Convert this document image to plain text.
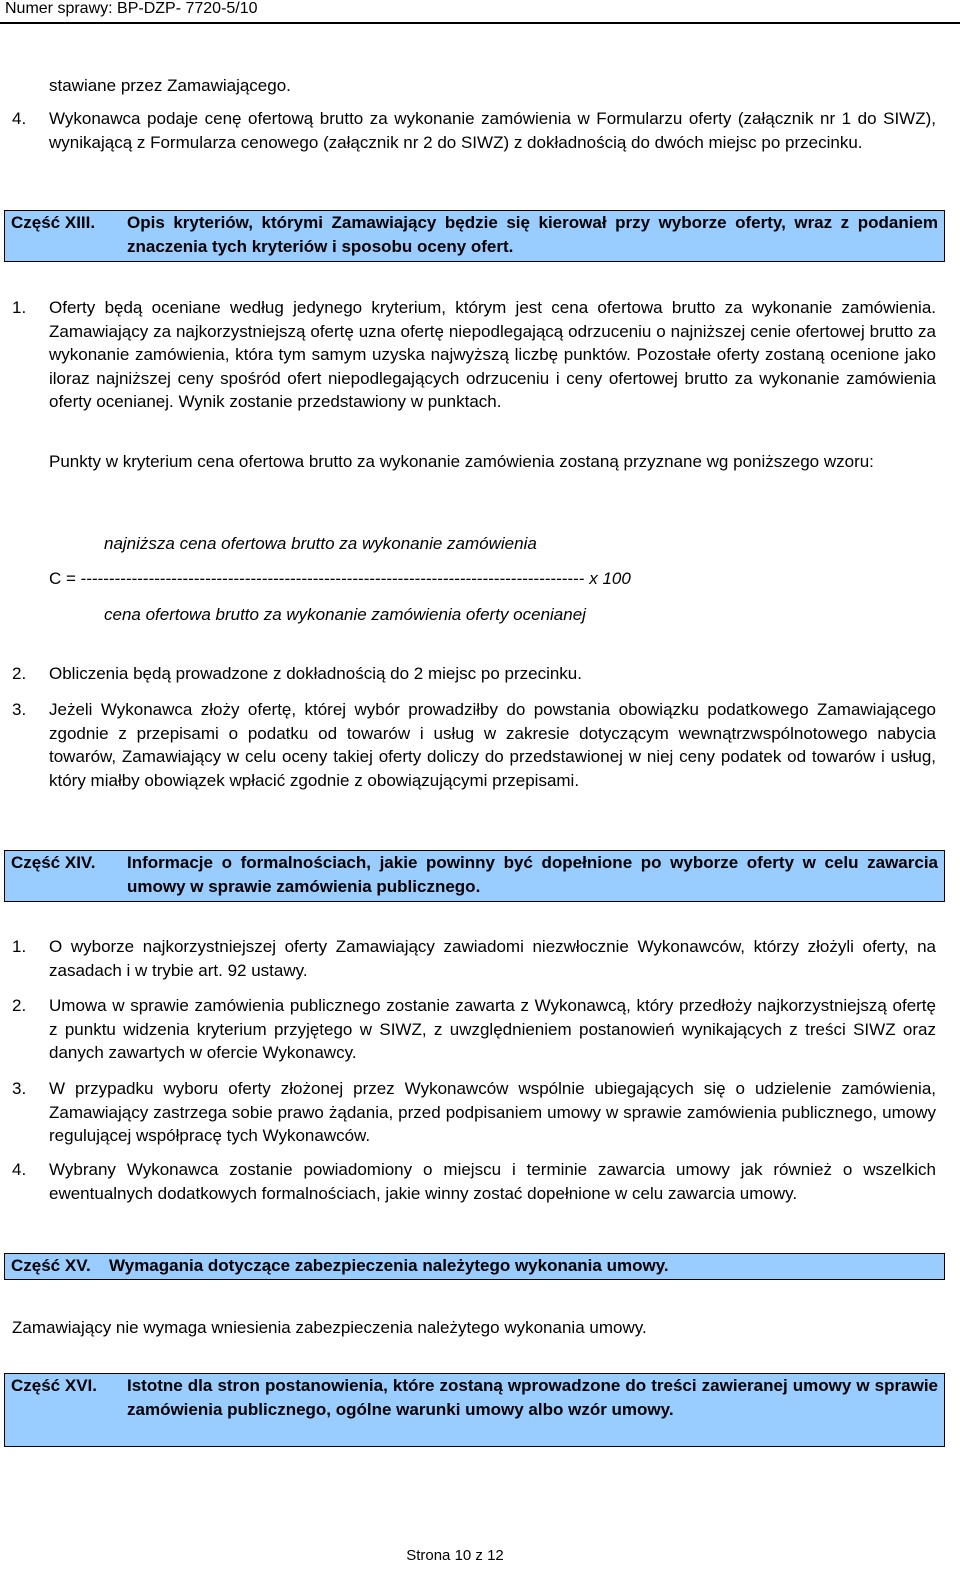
Numer sprawy: BP-DZP- 7720-5/10
stawiane przez Zamawiającego.
4.	Wykonawca podaje cenę ofertową brutto za wykonanie zamówienia w Formularzu oferty (załącznik nr 1 do SIWZ), wynikającą z Formularza cenowego (załącznik nr 2 do SIWZ) z dokładnością do dwóch miejsc po przecinku.
Część XIII. Opis kryteriów, którymi Zamawiający będzie się kierował przy wyborze oferty, wraz z podaniem znaczenia tych kryteriów i sposobu oceny ofert.
1.	Oferty będą oceniane według jedynego kryterium, którym jest cena ofertowa brutto za wykonanie zamówienia. Zamawiający za najkorzystniejszą ofertę uzna ofertę niepodlegającą odrzuceniu o najniższej cenie ofertowej brutto za wykonanie zamówienia, która tym samym uzyska najwyższą liczbę punktów. Pozostałe oferty zostaną ocenione jako iloraz najniższej ceny spośród ofert niepodlegających odrzuceniu i ceny ofertowej brutto za wykonanie zamówienia oferty ocenianej. Wynik zostanie przedstawiony w punktach.
Punkty w kryterium cena ofertowa brutto za wykonanie zamówienia zostaną przyznane wg poniższego wzoru:
najniższa cena ofertowa brutto za wykonanie zamówienia
C = ----------------------------------------------------------------------------------------- x 100
cena ofertowa brutto za wykonanie zamówienia oferty ocenianej
2.	Obliczenia będą prowadzone z dokładnością do 2 miejsc po przecinku.
3.	Jeżeli Wykonawca złoży ofertę, której wybór prowadziłby do powstania obowiązku podatkowego Zamawiającego zgodnie z przepisami o podatku od towarów i usług w zakresie dotyczącym wewnątrzwspólnotowego nabycia towarów, Zamawiający w celu oceny takiej oferty doliczy do przedstawionej w niej ceny podatek od towarów i usług, który miałby obowiązek wpłacić zgodnie z obowiązującymi przepisami.
Część XIV. Informacje o formalnościach, jakie powinny być dopełnione po wyborze oferty w celu zawarcia umowy w sprawie zamówienia publicznego.
1.	O wyborze najkorzystniejszej oferty Zamawiający zawiadomi niezwłocznie Wykonawców, którzy złożyli oferty, na zasadach i w trybie art. 92 ustawy.
2.	Umowa w sprawie zamówienia publicznego zostanie zawarta z Wykonawcą, który przedłoży najkorzystniejszą ofertę z punktu widzenia kryterium przyjętego w SIWZ, z uwzględnieniem postanowień wynikających z treści SIWZ oraz danych zawartych w ofercie Wykonawcy.
3.	W przypadku wyboru oferty złożonej przez Wykonawców wspólnie ubiegających się o udzielenie zamówienia, Zamawiający zastrzega sobie prawo żądania, przed podpisaniem umowy w sprawie zamówienia publicznego, umowy regulującej współpracę tych Wykonawców.
4.	Wybrany Wykonawca zostanie powiadomiony o miejscu i terminie zawarcia umowy jak również o wszelkich ewentualnych dodatkowych formalnościach, jakie winny zostać dopełnione w celu zawarcia umowy.
Część XV. Wymagania dotyczące zabezpieczenia należytego wykonania umowy.
Zamawiający nie wymaga wniesienia zabezpieczenia należytego wykonania umowy.
Część XVI. Istotne dla stron postanowienia, które zostaną wprowadzone do treści zawieranej umowy w sprawie zamówienia publicznego, ogólne warunki umowy albo wzór umowy.
Strona 10 z 12
